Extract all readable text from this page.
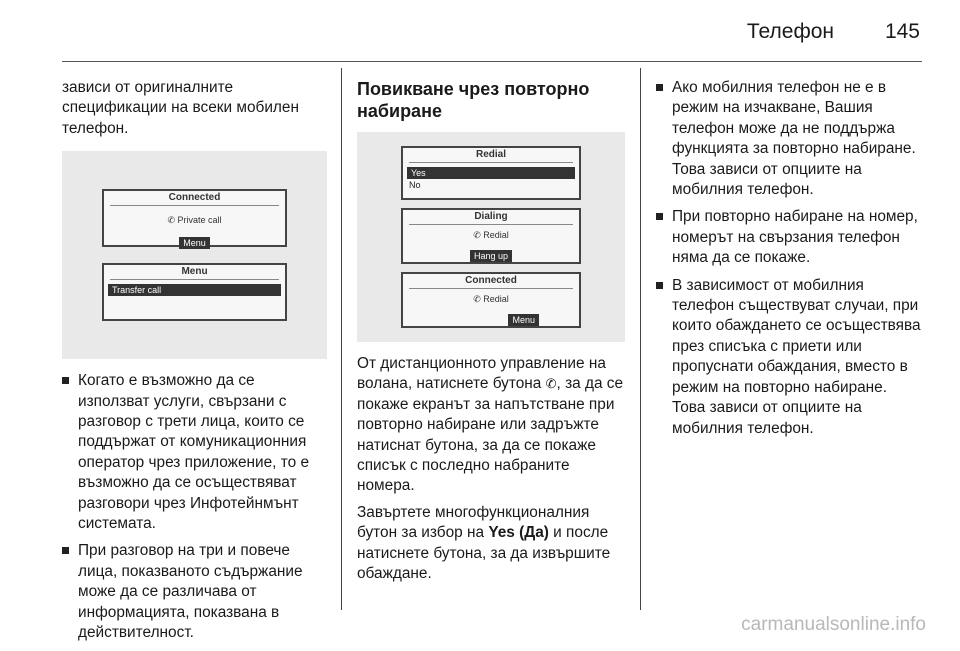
Телефон 145

зависи от оригиналните спецификации на всеки мобилен телефон.

Connected
✆ Private call
Menu
Menu
Transfer call
Когато е възможно да се използват услуги, свързани с разговор с трети лица, които се поддържат от комуникационния оператор чрез приложение, то е възможно да се осъществяват разговори чрез Инфотейнмънт системата.
При разговор на три и повече лица, показваното съдържание може да се различава от информацията, показвана в действителност.
Повикване чрез повторно набиране
Redial
Yes
No
Dialing
✆ Redial
Hang up
Connected
✆ Redial
Menu

От дистанционното управление на волана, натиснете бутона ✆, за да се покаже екранът за напътстване при повторно набиране или задръжте натиснат бутона, за да се покаже списък с последно набраните номера.

Завъртете многофункционалния бутон за избор на Yes (Да) и после натиснете бутона, за да извършите обаждане.

Ако мобилния телефон не е в режим на изчакване, Вашия телефон може да не поддържа функцията за повторно набиране. Това зависи от опциите на мобилния телефон.
При повторно набиране на номер, номерът на свързания телефон няма да се покаже.
В зависимост от мобилния телефон съществуват случаи, при които обаждането се осъществява през списъка с приети или пропуснати обаждания, вместо в режим на повторно набиране. Това зависи от опциите на мобилния телефон.
carmanualsonline.info
